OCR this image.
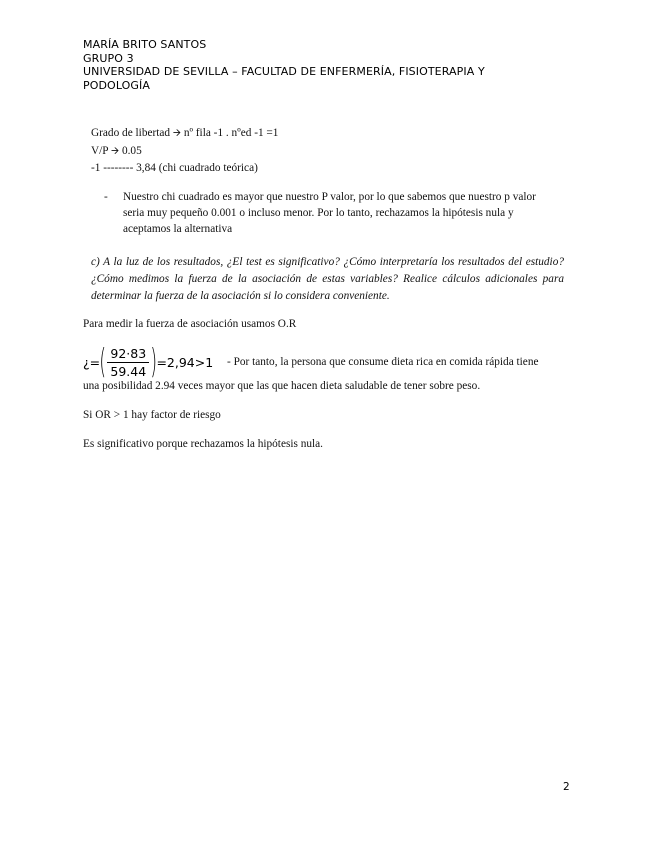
MARÍA BRITO SANTOS
GRUPO 3
UNIVERSIDAD DE SEVILLA – FACULTAD DE ENFERMERÍA, FISIOTERAPIA Y
PODOLOGÍA
Grado de libertad 🡪 nº fila -1 . nºed -1 =1
V/P 🡪 0.05
-1 -------- 3,84 (chi cuadrado teórica)
- Nuestro chi cuadrado es mayor que nuestro P valor, por lo que sabemos que nuestro p valor seria muy pequeño 0.001 o incluso menor. Por lo tanto, rechazamos la hipótesis nula y aceptamos la alternativa
c) A la luz de los resultados, ¿El test es significativo? ¿Cómo interpretaría los resultados del estudio? ¿Cómo medimos la fuerza de la asociación de estas variables? Realice cálculos adicionales para determinar la fuerza de la asociación si lo considera conveniente.
Para medir la fuerza de asociación usamos O.R
¿= ( $\frac{92\cdot 83}{59.44}$ ) =2,94>1 - Por tanto, la persona que consume dieta rica en comida rápida tiene
una posibilidad 2.94 veces mayor que las que hacen dieta saludable de tener sobre peso.
Si OR > 1 hay factor de riesgo
Es significativo porque rechazamos la hipótesis nula.
2
